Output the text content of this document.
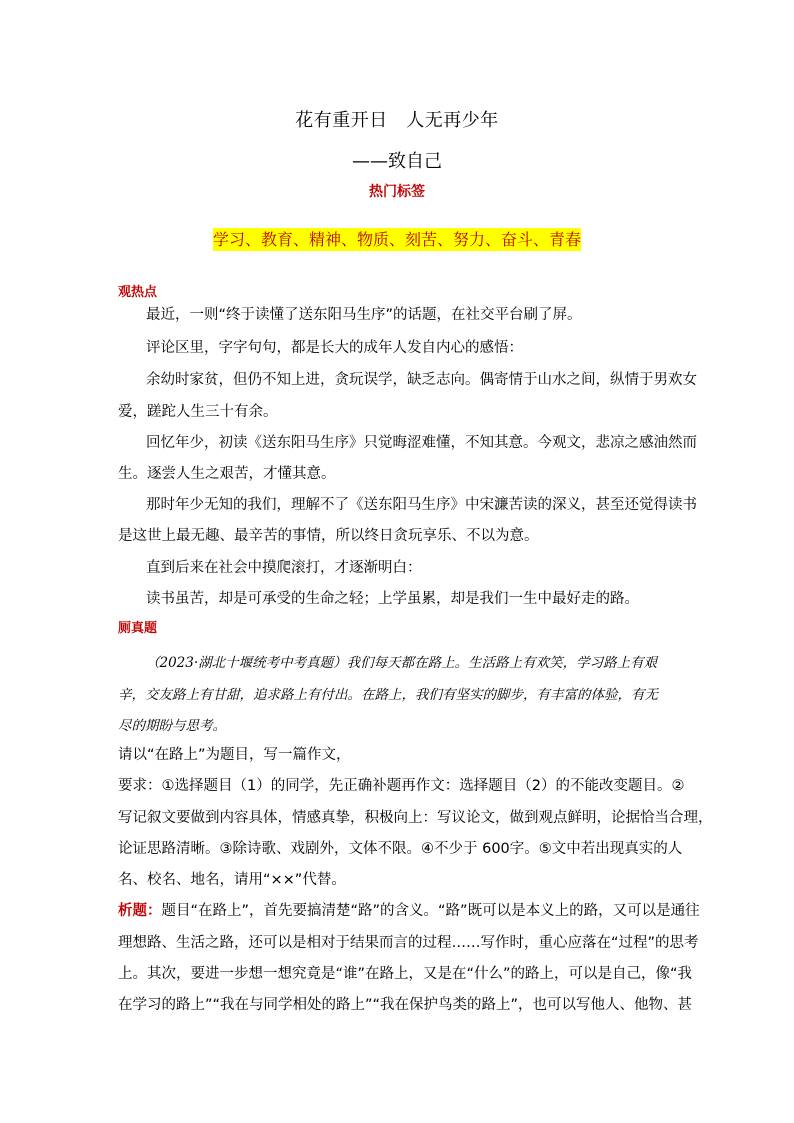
花有重开日　人无再少年
——致自己
热门标签
学习、教育、精神、物质、刻苦、努力、奋斗、青春
观热点
最近，一则“终于读懂了送东阳马生序”的话题，在社交平台刷了屏。
评论区里，字字句句，都是长大的成年人发自内心的感悟：
余幼时家贫，但仍不知上进，贪玩误学，缺乏志向。偶寄情于山水之间，纵情于男欢女
爱，蹉跎人生三十有余。
回忆年少，初读《送东阳马生序》只觉晦涩难懂，不知其意。今观文，悲凉之感油然而
生。逐尝人生之艰苦，才懂其意。
那时年少无知的我们，理解不了《送东阳马生序》中宋濂苦读的深义，甚至还觉得读书
是这世上最无趣、最辛苦的事情，所以终日贪玩享乐、不以为意。
直到后来在社会中摸爬滚打，才逐渐明白：
读书虽苦，却是可承受的生命之轻；上学虽累，却是我们一生中最好走的路。
厕真题
（2023·湖北十堰统考中考真题）我们每天都在路上。生活路上有欢笑，学习路上有艰
辛，交友路上有甘甜，追求路上有付出。在路上，我们有坚实的脚步，有丰富的体验，有无
尽的期盼与思考。
请以“在路上”为题目，写一篇作文，
要求：①选择题目（1）的同学，先正确补题再作文：选择题目（2）的不能改变题目。②
写记叙文要做到内容具体，情感真挚，积极向上：写议论文，做到观点鲜明，论据恰当合理，
论证思路清晰。③除诗歌、戏剧外，文体不限。④不少于 600字。⑤文中若出现真实的人
名、校名、地名，请用“××”代替。
析题：题目“在路上”，首先要搞清楚“路”的含义。“路”既可以是本义上的路，又可以是通往
理想路、生活之路，还可以是相对于结果而言的过程……写作时，重心应落在“过程”的思考
上。其次，要进一步想一想究竟是“谁”在路上，又是在“什么”的路上，可以是自己，像“我
在学习的路上”“我在与同学相处的路上”“我在保护鸟类的路上”，也可以写他人、他物、甚
